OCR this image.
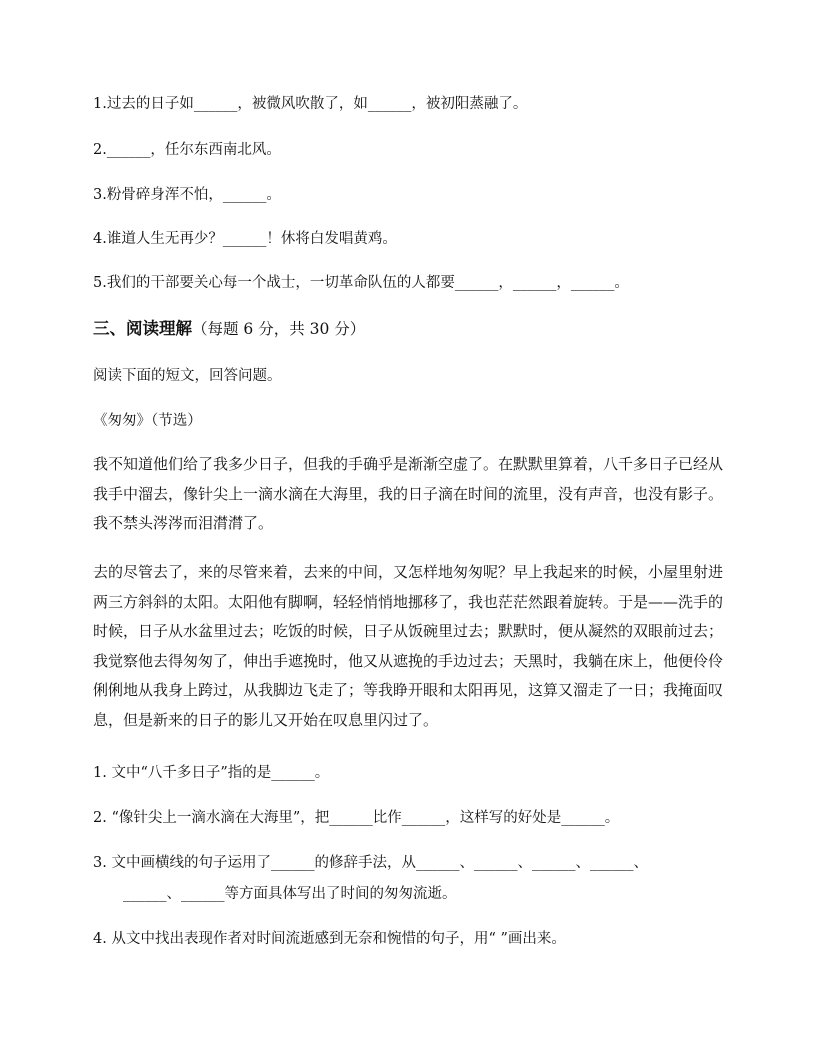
1.过去的日子如______，被微风吹散了，如______，被初阳蒸融了。
2.______，任尔东西南北风。
3.粉骨碎身浑不怕，______。
4.谁道人生无再少？______！休将白发唱黄鸡。
5.我们的干部要关心每一个战士，一切革命队伍的人都要______，______，______。
三、阅读理解（每题 6 分，共 30 分）
阅读下面的短文，回答问题。
《匆匆》（节选）
我不知道他们给了我多少日子，但我的手确乎是渐渐空虚了。在默默里算着，八千多日子已经从我手中溜去，像针尖上一滴水滴在大海里，我的日子滴在时间的流里，没有声音，也没有影子。我不禁头涔涔而泪潸潸了。
去的尽管去了，来的尽管来着，去来的中间，又怎样地匆匆呢？早上我起来的时候，小屋里射进两三方斜斜的太阳。太阳他有脚啊，轻轻悄悄地挪移了，我也茫茫然跟着旋转。于是——洗手的时候，日子从水盆里过去；吃饭的时候，日子从饭碗里过去；默默时，便从凝然的双眼前过去；我觉察他去得匆匆了，伸出手遮挽时，他又从遮挽的手边过去；天黑时，我躺在床上，他便伶伶俐俐地从我身上跨过，从我脚边飞走了；等我睁开眼和太阳再见，这算又溜走了一日；我掩面叹息，但是新来的日子的影儿又开始在叹息里闪过了。
1. 文中“八千多日子”指的是______。
2. “像针尖上一滴水滴在大海里”，把______比作______，这样写的好处是______。
3. 文中画横线的句子运用了______的修辞手法，从______、______、______、______、
______、______等方面具体写出了时间的匆匆流逝。
4. 从文中找出表现作者对时间流逝感到无奈和惋惜的句子，用“ ”画出来。
